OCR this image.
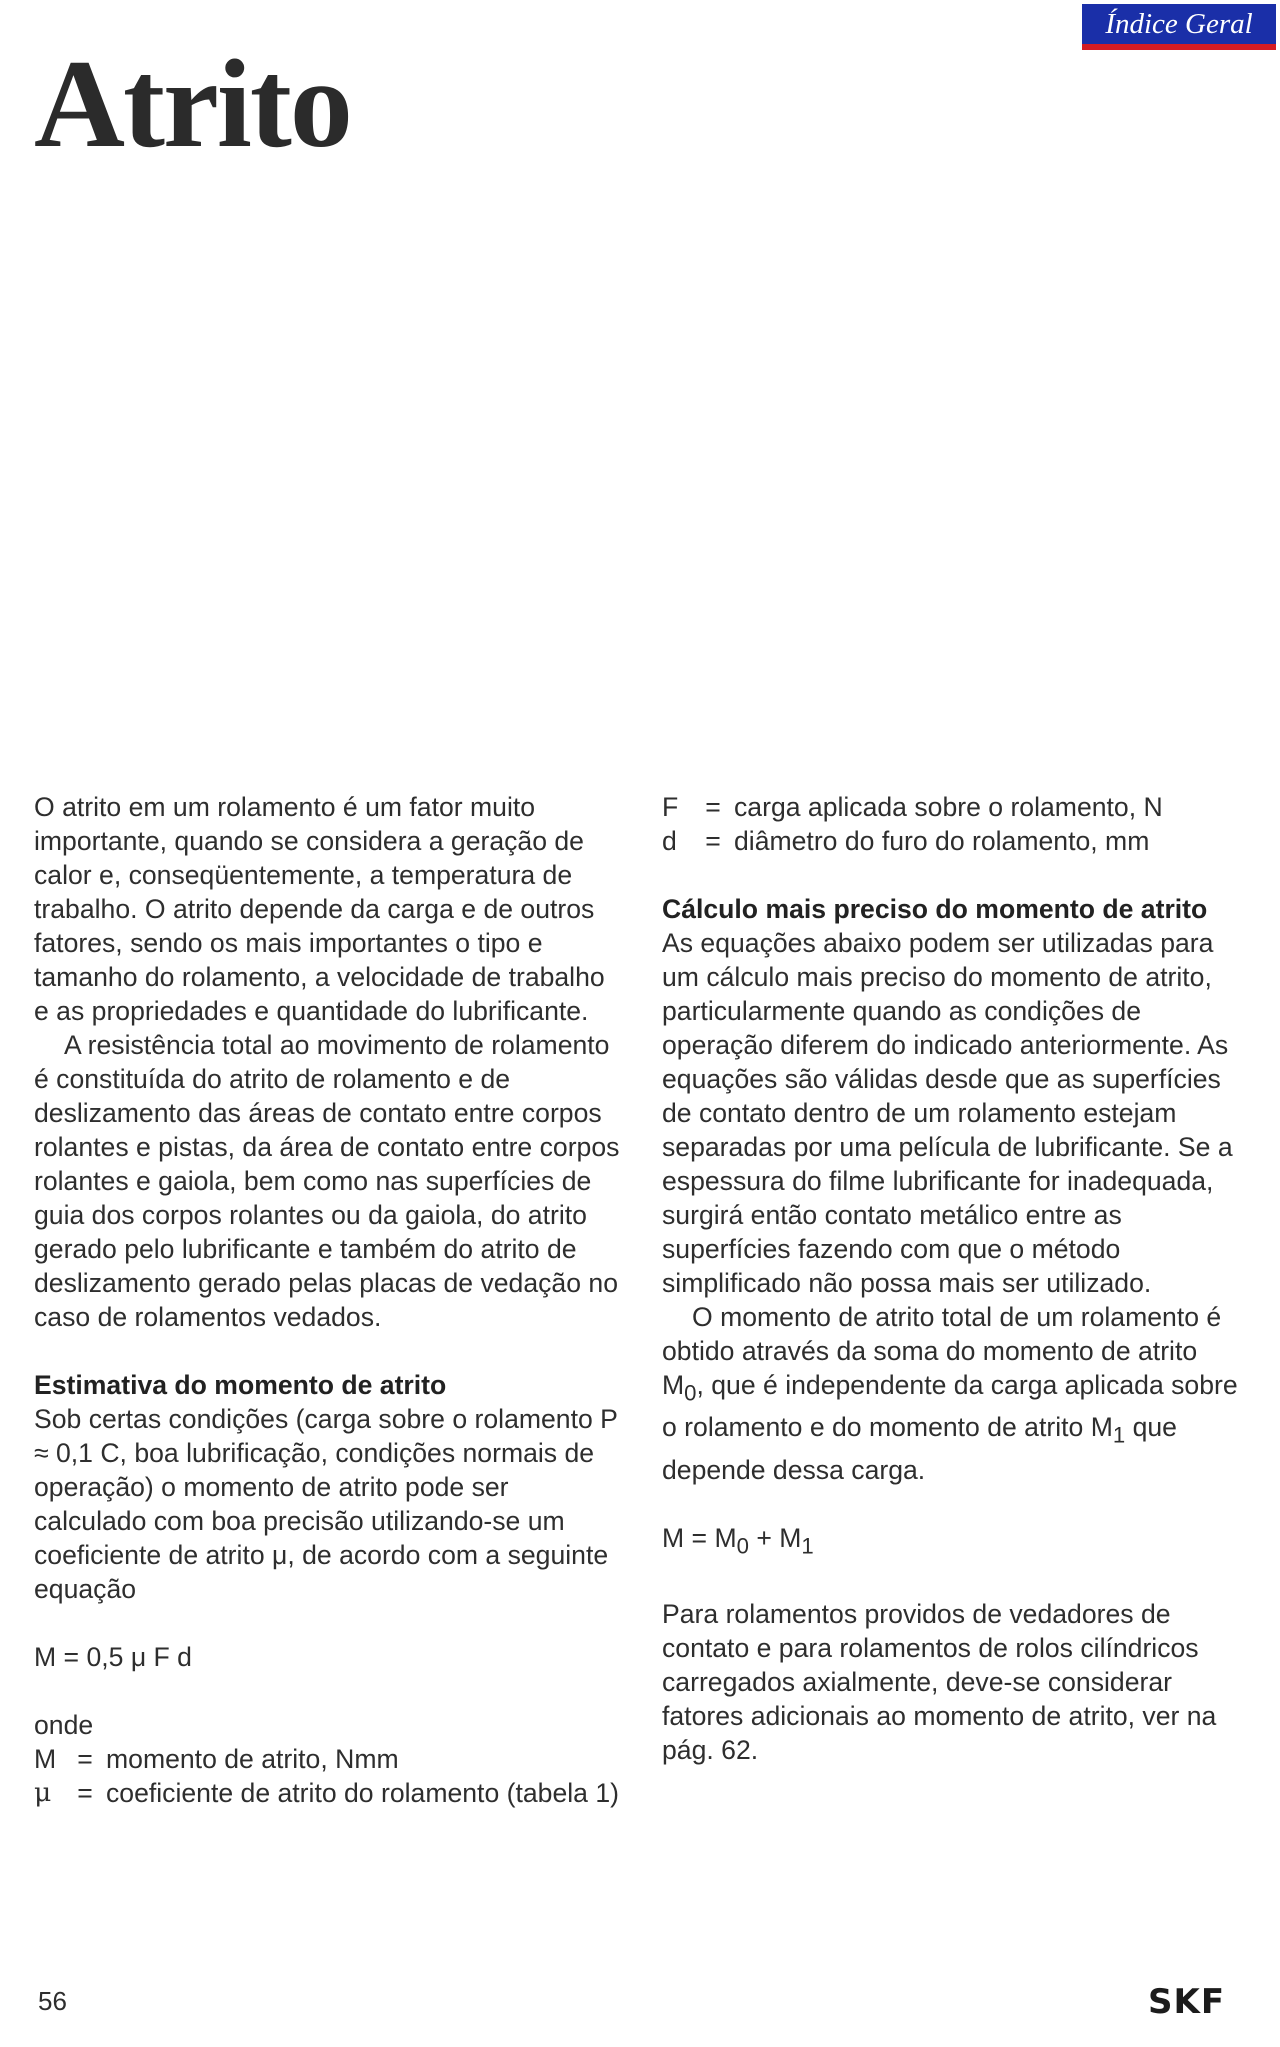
Índice Geral
Atrito

O atrito em um rolamento é um fator muito importante, quando se considera a geração de calor e, conseqüentemente, a temperatura de trabalho. O atrito depende da carga e de outros fatores, sendo os mais importantes o tipo e tamanho do rolamento, a velocidade de trabalho e as propriedades e quantidade do lubrificante.

A resistência total ao movimento de rolamento é constituída do atrito de rolamento e de deslizamento das áreas de contato entre corpos rolantes e pistas, da área de contato entre corpos rolantes e gaiola, bem como nas superfícies de guia dos corpos rolantes ou da gaiola, do atrito gerado pelo lubrificante e também do atrito de deslizamento gerado pelas placas de vedação no caso de rolamentos vedados.

Estimativa do momento de atrito

Sob certas condições (carga sobre o rolamento P ≈ 0,1 C, boa lubrificação, condições normais de operação) o momento de atrito pode ser calculado com boa precisão utilizando-se um coeficiente de atrito μ, de acordo com a seguinte equação

M = 0,5 μ F d

onde

M = momento de atrito, Nmm
μ = coeficiente de atrito do rolamento (tabela 1)
F	= carga aplicada sobre o rolamento, N
d	= diâmetro do furo do rolamento, mm

Cálculo mais preciso do momento de atrito

As equações abaixo podem ser utilizadas para um cálculo mais preciso do momento de atrito, particularmente quando as condições de operação diferem do indicado anteriormente. As equações são válidas desde que as superfícies de contato dentro de um rolamento estejam separadas por uma película de lubrificante. Se a espessura do filme lubrificante for inadequada, surgirá então contato metálico entre as superfícies fazendo com que o método simplificado não possa mais ser utilizado.

O momento de atrito total de um rolamento é obtido através da soma do momento de atrito $M_0$, que é independente da carga aplicada sobre o rolamento e do momento de atrito $M_1$ que depende dessa carga.

$M = M_0 + M_1$

Para rolamentos providos de vedadores de contato e para rolamentos de rolos cilíndricos carregados axialmente, deve-se considerar fatores adicionais ao momento de atrito, ver na pág. 62.

56	SKF
